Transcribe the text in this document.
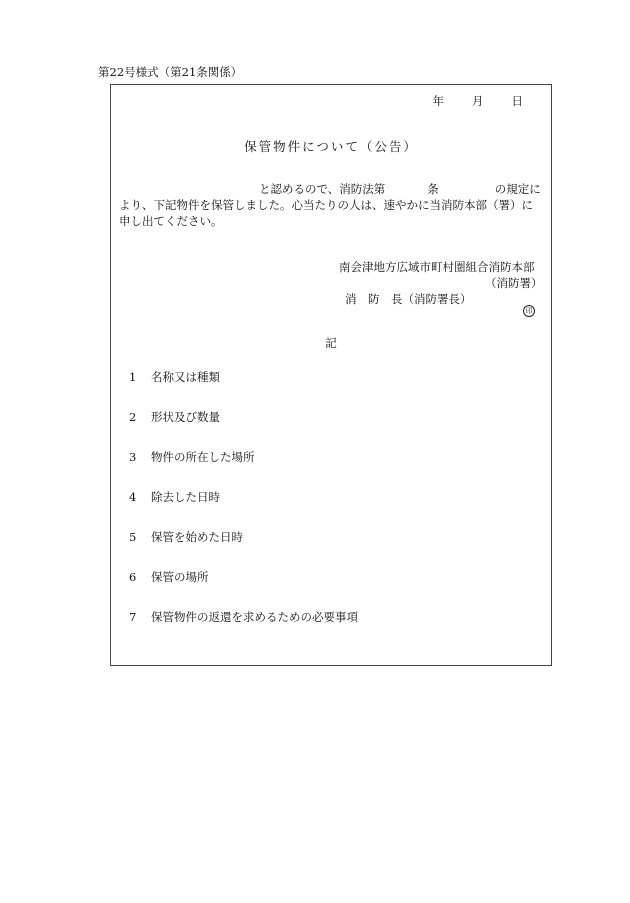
第22号様式（第21条関係）
年 月 日
保管物件について（公告）
と認めるので、消防法第	条	の規定に
より、下記物件を保管しました。心当たりの人は、速やかに当消防本部（署）に
申し出てください。
南会津地方広域市町村圏組合消防本部
（消防署）
消　防　長（消防署長）
印
記
1 名称又は種類
2 形状及び数量
3 物件の所在した場所
4 除去した日時
5 保管を始めた日時
6 保管の場所
7 保管物件の返還を求めるための必要事項
